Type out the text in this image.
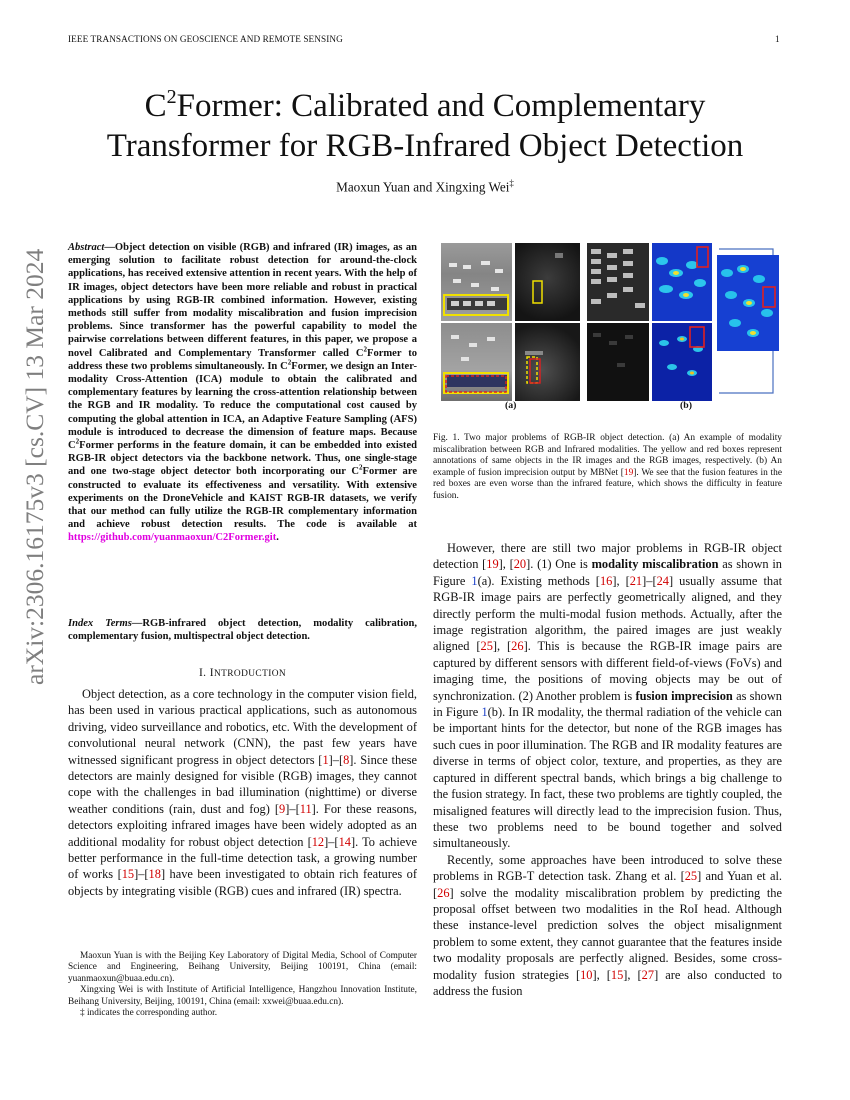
IEEE TRANSACTIONS ON GEOSCIENCE AND REMOTE SENSING	1
$C^2Former$: Calibrated and Complementary
Transformer for RGB-Infrared Object Detection
Maoxun Yuan and Xingxing Wei‡
arXiv:2306.16175v3 [cs.CV] 13 Mar 2024
Abstract—Object detection on visible (RGB) and infrared (IR) images, as an emerging solution to facilitate robust detection for around-the-clock applications, has received extensive attention in recent years. With the help of IR images, object detectors have been more reliable and robust in practical applications by using RGB-IR combined information. However, existing methods still suffer from modality miscalibration and fusion imprecision problems. Since transformer has the powerful capability to model the pairwise correlations between different features, in this paper, we propose a novel Calibrated and Complementary Transformer called $C^2Former$ to address these two problems simultaneously. In $C^2Former$, we design an Inter-modality Cross-Attention (ICA) module to obtain the calibrated and complementary features by learning the cross-attention relationship between the RGB and IR modality. To reduce the computational cost caused by computing the global attention in ICA, an Adaptive Feature Sampling (AFS) module is introduced to decrease the dimension of feature maps. Because $C^2Former$ performs in the feature domain, it can be embedded into existed RGB-IR object detectors via the backbone network. Thus, one single-stage and one two-stage object detector both incorporating our $C^2Former$ are constructed to evaluate its effectiveness and versatility. With extensive experiments on the DroneVehicle and KAIST RGB-IR datasets, we verify that our method can fully utilize the RGB-IR complementary information and achieve robust detection results. The code is available at https://github.com/yuanmaoxun/C2Former.git.
Index Terms—RGB-infrared object detection, modality calibration, complementary fusion, multispectral object detection.
I. INTRODUCTION

Object detection, as a core technology in the computer vision field, has been used in various practical applications, such as autonomous driving, video surveillance and robotics, etc. With the development of convolutional neural network (CNN), the past few years have witnessed significant progress in object detectors [1]–[8]. Since these detectors are mainly designed for visible (RGB) images, they cannot cope with the challenges in bad illumination (nighttime) or diverse weather conditions (rain, dust and fog) [9]–[11]. For these reasons, detectors exploiting infrared images have been widely adopted as an additional modality for robust object detection [12]–[14]. To achieve better performance in the full-time detection task, a growing number of works [15]–[18] have been investigated to obtain rich features of objects by integrating visible (RGB) cues and infrared (IR) spectra.

Maoxun Yuan is with the Beijing Key Laboratory of Digital Media, School of Computer Science and Engineering, Beihang University, Beijing 100191, China (email: yuanmaoxun@buaa.edu.cn).

Xingxing Wei is with Institute of Artificial Intelligence, Hangzhou Innovation Institute, Beihang University, Beijing, 100191, China (email: xxwei@buaa.edu.cn).

‡ indicates the corresponding author.

(a)	(b)
Fig. 1. Two major problems of RGB-IR object detection. (a) An example of modality miscalibration between RGB and Infrared modalities. The yellow and red boxes represent annotations of same objects in the IR images and the RGB images, respectively. (b) An example of fusion imprecision output by MBNet [19]. We see that the fusion features in the red boxes are even worse than the infrared feature, which shows the difficulty in feature fusion.

However, there are still two major problems in RGB-IR object detection [19], [20]. (1) One is modality miscalibration as shown in Figure 1(a). Existing methods [16], [21]–[24] usually assume that RGB-IR image pairs are perfectly geometrically aligned, and they directly perform the multi-modal fusion methods. Actually, after the image registration algorithm, the paired images are just weakly aligned [25], [26]. This is because the RGB-IR image pairs are captured by different sensors with different field-of-views (FoVs) and imaging time, the positions of moving objects may be out of synchronization. (2) Another problem is fusion imprecision as shown in Figure 1(b). In IR modality, the thermal radiation of the vehicle can be important hints for the detector, but none of the RGB images has such cues in poor illumination. The RGB and IR modality features are diverse in terms of object color, texture, and properties, as they are captured in different spectral bands, which brings a big challenge to the fusion strategy. In fact, these two problems are tightly coupled, the misaligned features will directly lead to the imprecision fusion. Thus, these two problems need to be bound together and solved simultaneously.

Recently, some approaches have been introduced to solve these problems in RGB-T detection task. Zhang et al. [25] and Yuan et al. [26] solve the modality miscalibration problem by predicting the proposal offset between two modalities in the RoI head. Although these instance-level prediction solves the object misalignment problem to some extent, they cannot guarantee that the features inside two modality proposals are perfectly aligned. Besides, some cross-modality fusion strategies [10], [15], [27] are also conducted to address the fusion
